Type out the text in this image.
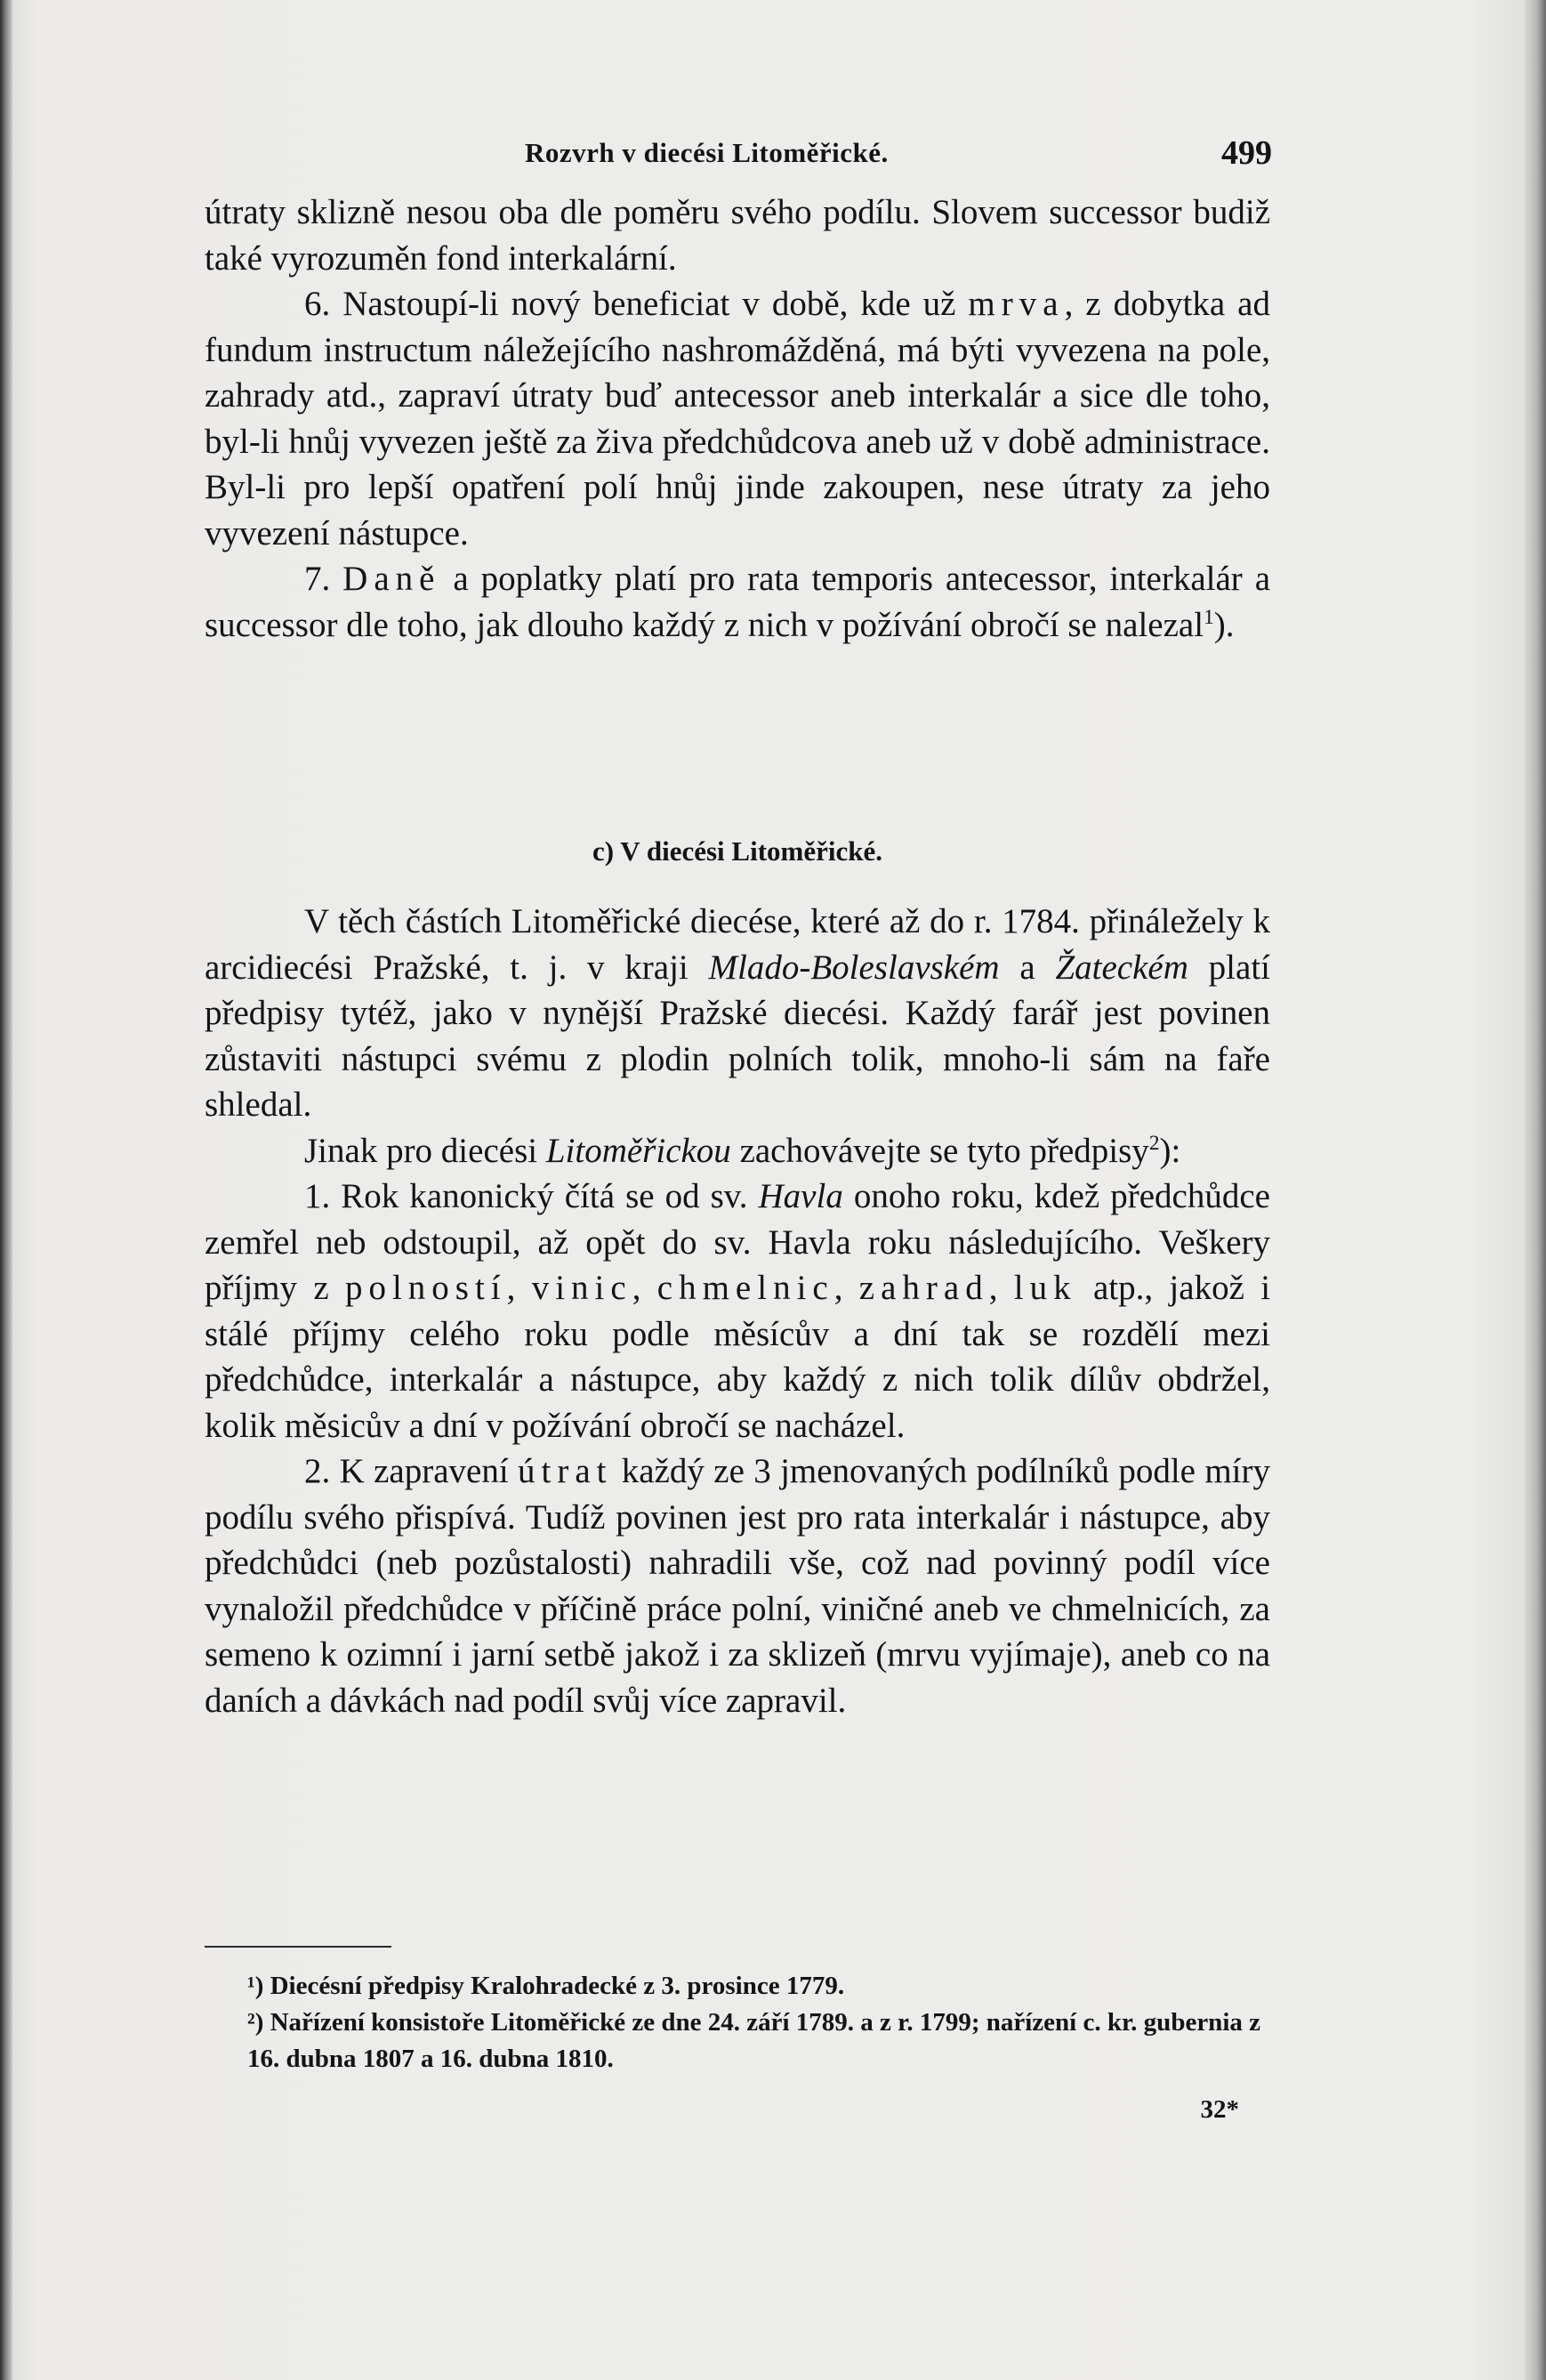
Rozvrh v diecési Litoměřické.	499

útraty sklizně nesou oba dle poměru svého podílu. Slovem successor budiž také vyrozuměn fond interkalární.

6. Nastoupí-li nový beneficiat v době, kde už mrva, z dobytka ad fundum instructum náležejícího nashromážděná, má býti vyvezena na pole, zahrady atd., zapraví útraty buď antecessor aneb interkalár a sice dle toho, byl-li hnůj vyvezen ještě za živa předchůdcova aneb už v době administrace. Byl-li pro lepší opatření polí hnůj jinde zakoupen, nese útraty za jeho vyvezení nástupce.

7. Daně a poplatky platí pro rata temporis antecessor, interkalár a successor dle toho, jak dlouho každý z nich v požívání obročí se nalezal$^1$).

c) V diecési Litoměřické.

V těch částích Litoměřické diecése, které až do r. 1784. přináležely k arcidiecési Pražské, t. j. v kraji Mlado-Boleslavském a Žateckém platí předpisy tytéž, jako v nynější Pražské diecési. Každý farář jest povinen zůstaviti nástupci svému z plodin polních tolik, mnoho-li sám na faře shledal.

Jinak pro diecési Litoměřickou zachovávejte se tyto předpisy$^2$):

1. Rok kanonický čítá se od sv. Havla onoho roku, kdež předchůdce zemřel neb odstoupil, až opět do sv. Havla roku následujícího. Veškery příjmy z polností, vinic, chmelnic, zahrad, luk atp., jakož i stálé příjmy celého roku podle měsícův a dní tak se rozdělí mezi předchůdce, interkalár a nástupce, aby každý z nich tolik dílův obdržel, kolik měsicův a dní v požívání obročí se nacházel.

2. K zapravení útrat každý ze 3 jmenovaných podílníků podle míry podílu svého přispívá. Tudíž povinen jest pro rata interkalár i nástupce, aby předchůdci (neb pozůstalosti) nahradili vše, což nad povinný podíl více vynaložil předchůdce v příčině práce polní, viničné aneb ve chmelnicích, za semeno k ozimní i jarní setbě jakož i za sklizeň (mrvu vyjímaje), aneb co na daních a dávkách nad podíl svůj více zapravil.

¹) Diecésní předpisy Kralohradecké z 3. prosince 1779.

²) Nařízení konsistoře Litoměřické ze dne 24. září 1789. a z r. 1799; nařízení c. kr. gubernia z 16. dubna 1807 a 16. dubna 1810.

32*
